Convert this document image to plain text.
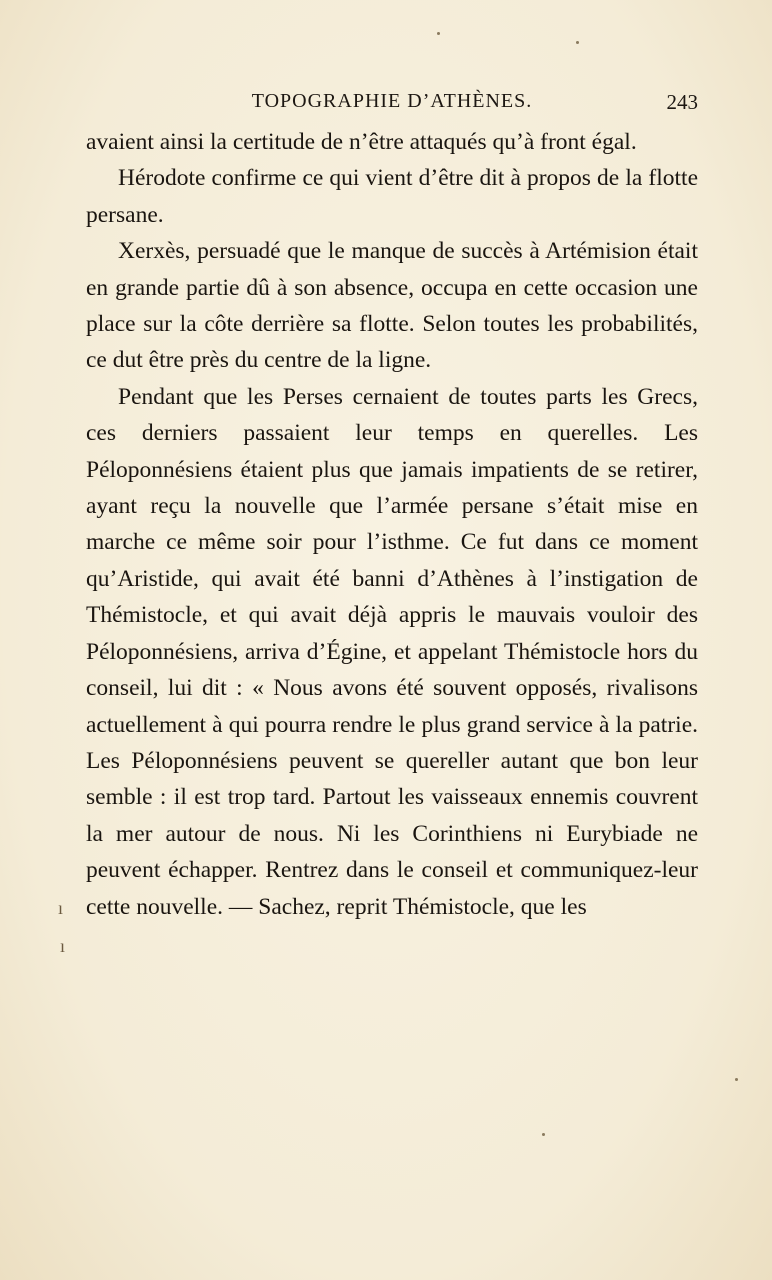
TOPOGRAPHIE D’ATHÈNES.	243

avaient ainsi la certitude de n’être attaqués qu’à front égal.

Hérodote confirme ce qui vient d’être dit à propos de la flotte persane.

Xerxès, persuadé que le manque de succès à Artémision était en grande partie dû à son absence, occupa en cette occasion une place sur la côte derrière sa flotte. Selon toutes les probabilités, ce dut être près du centre de la ligne.

Pendant que les Perses cernaient de toutes parts les Grecs, ces derniers passaient leur temps en querelles. Les Péloponnésiens étaient plus que jamais impatients de se retirer, ayant reçu la nouvelle que l’armée persane s’était mise en marche ce même soir pour l’isthme. Ce fut dans ce moment qu’Aristide, qui avait été banni d’Athènes à l’instigation de Thémistocle, et qui avait déjà appris le mauvais vouloir des Péloponnésiens, arriva d’Égine, et appelant Thémistocle hors du conseil, lui dit : « Nous avons été souvent opposés, rivalisons actuellement à qui pourra rendre le plus grand service à la patrie. Les Péloponnésiens peuvent se quereller autant que bon leur semble : il est trop tard. Partout les vaisseaux ennemis couvrent la mer autour de nous. Ni les Corinthiens ni Eurybiade ne peuvent échapper. Rentrez dans le conseil et communiquez-leur cette nouvelle. — Sachez, reprit Thémistocle, que les

ı
ı
